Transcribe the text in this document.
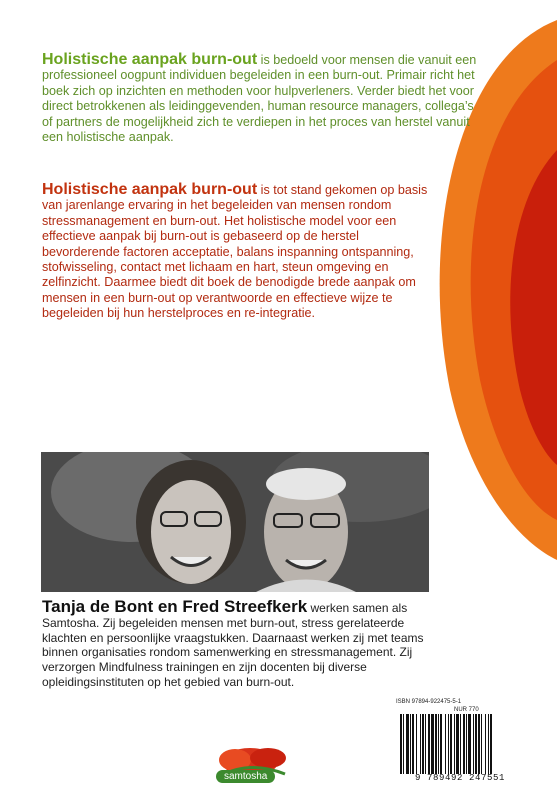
Holistische aanpak burn-out is bedoeld voor mensen die vanuit een professioneel oogpunt individuen begeleiden in een burn-out. Primair richt het boek zich op inzichten en methoden voor hulpverleners. Verder biedt het voor direct betrokkenen als leidinggevenden, human resource managers, collega’s of partners de mogelijkheid zich te verdiepen in het proces van herstel vanuit een holistische aanpak.
Holistische aanpak burn-out is tot stand gekomen op basis van jarenlange ervaring in het begeleiden van mensen rondom stressmanagement en burn-out. Het holistische model voor een effectieve aanpak bij burn-out is gebaseerd op de herstel bevorderende factoren acceptatie, balans inspanning ontspanning, stofwisseling, contact met lichaam en hart, steun omgeving en zelfinzicht. Daarmee biedt dit boek de benodigde brede aanpak om mensen in een burn-out op verantwoorde en effectieve wijze te begeleiden bij hun herstelproces en re-integratie.
Tanja de Bont en Fred Streefkerk werken samen als Samtosha. Zij begeleiden mensen met burn-out, stress gerelateerde klachten en persoonlijke vraagstukken. Daarnaast werken zij met teams binnen organisaties rondom samenwerking en stressmanagement. Zij verzorgen Mindfulness trainingen en zijn docenten bij diverse opleidingsinstituten op het gebied van burn-out.
samtosha
ISBN 97894-922475-5-1
NUR 770
9 789492 247551
